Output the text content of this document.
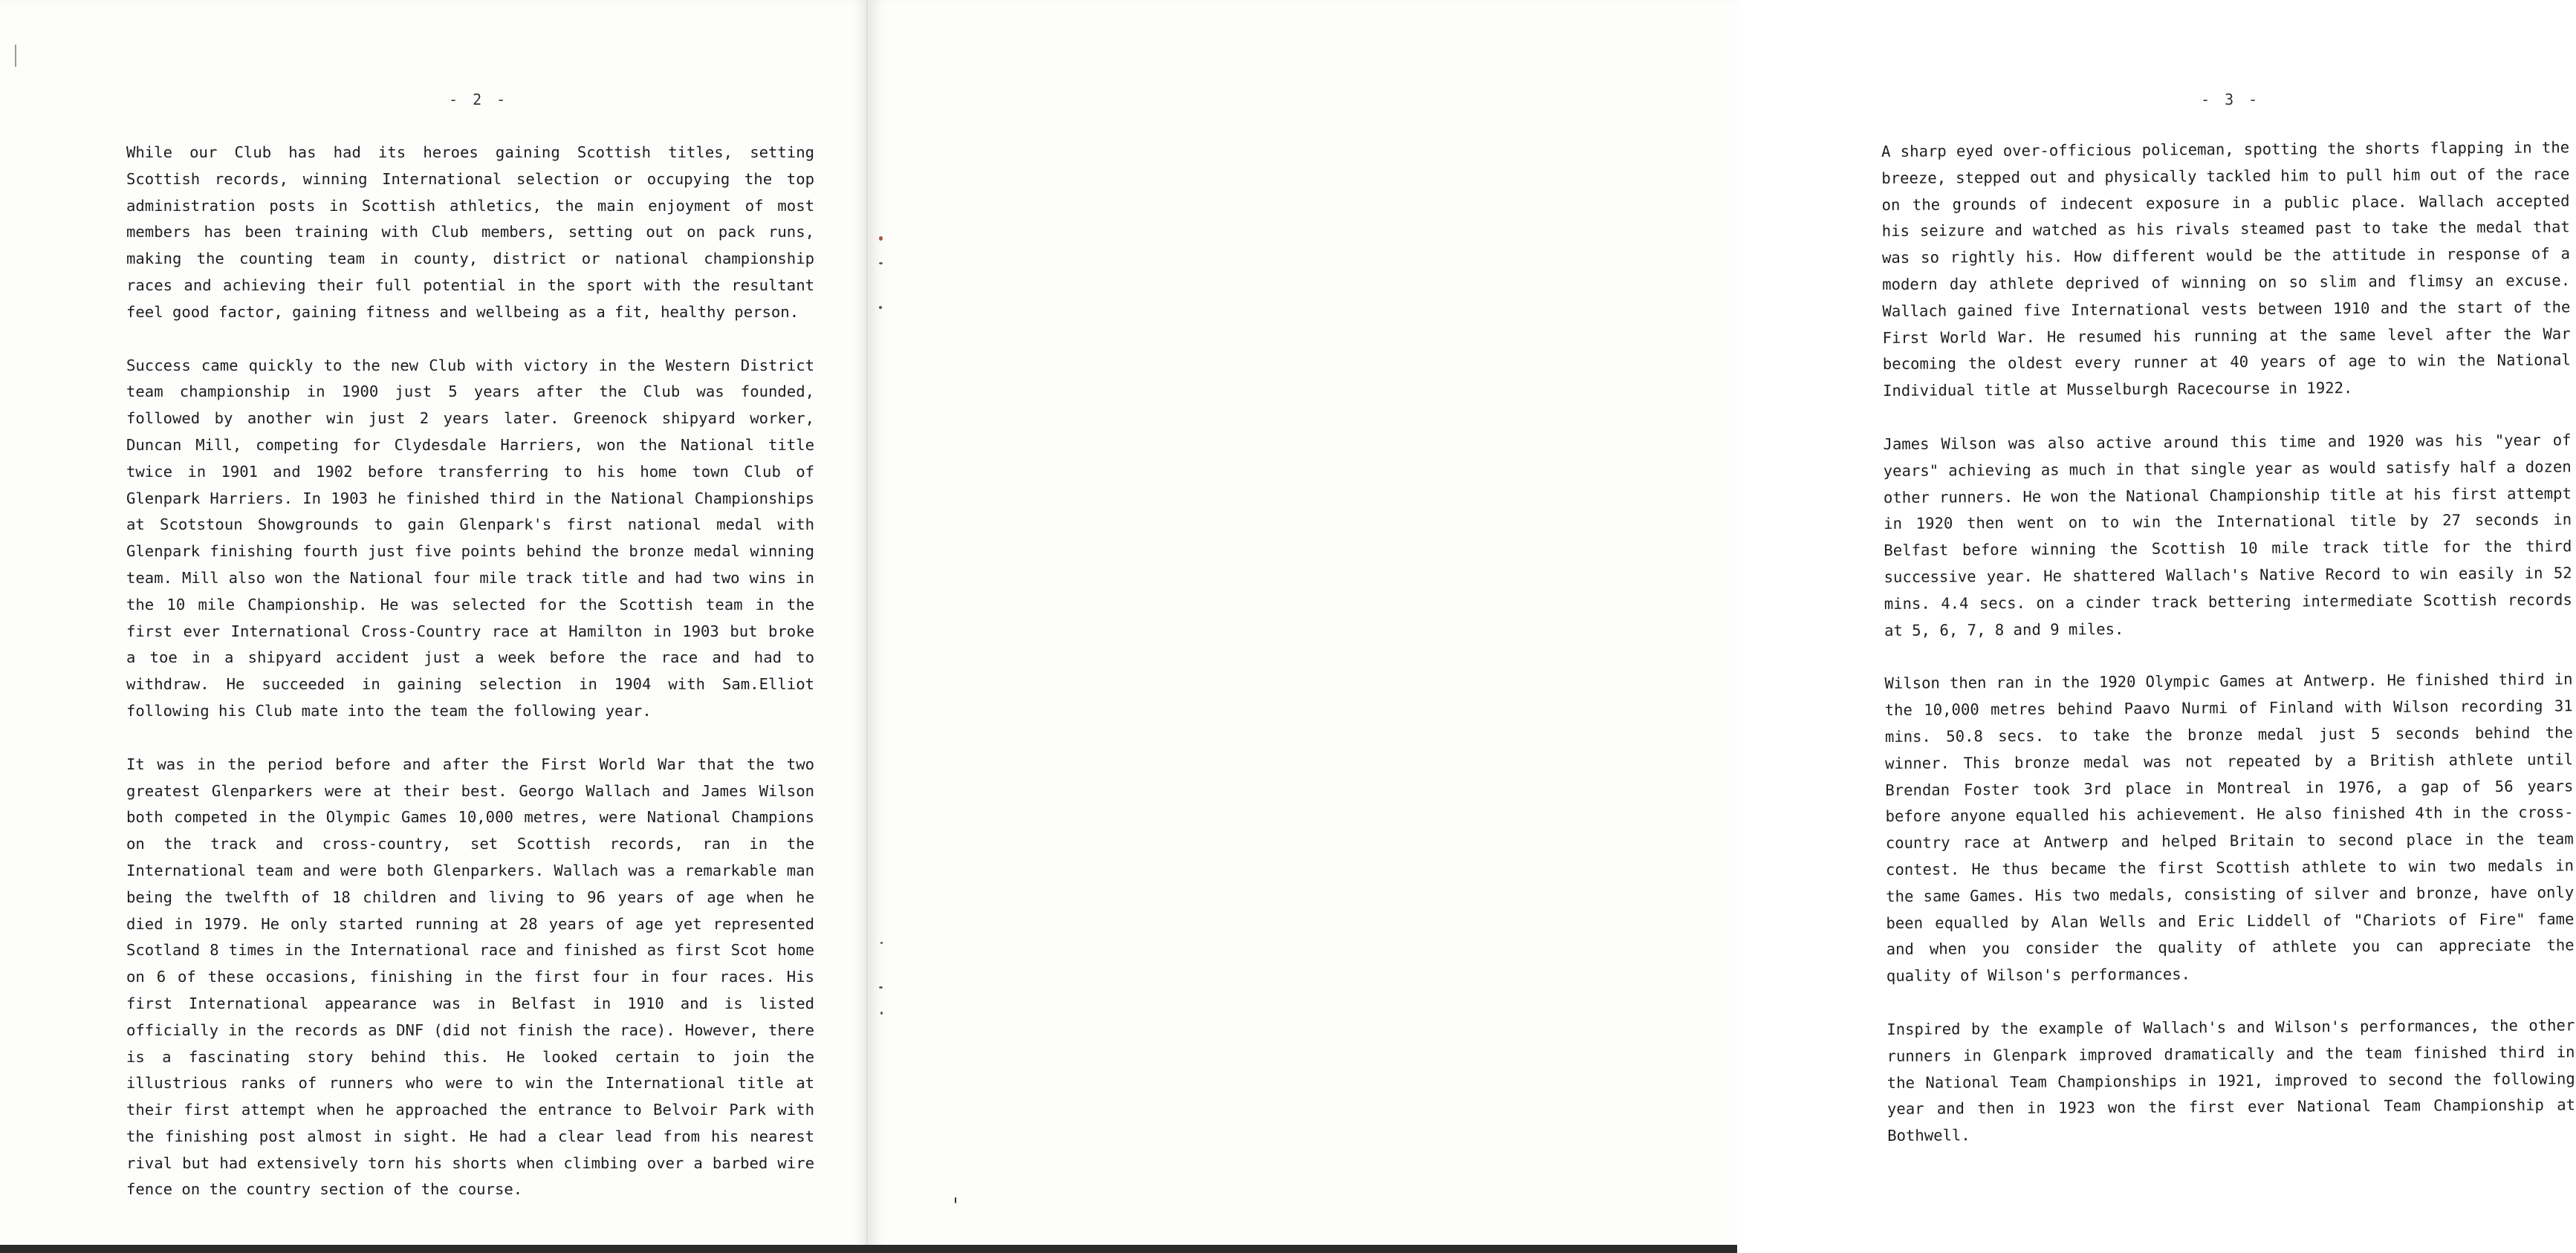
- 2 -

While our Club has had its heroes gaining Scottish titles, setting Scottish records, winning International selection or occupying the top administration posts in Scottish athletics, the main enjoyment of most members has been training with Club members, setting out on pack runs, making the counting team in county, district or national championship races and achieving their full potential in the sport with the resultant feel good factor, gaining fitness and wellbeing as a fit, healthy person.

Success came quickly to the new Club with victory in the Western District team championship in 1900 just 5 years after the Club was founded, followed by another win just 2 years later. Greenock shipyard worker, Duncan Mill, competing for Clydesdale Harriers, won the National title twice in 1901 and 1902 before transferring to his home town Club of Glenpark Harriers. In 1903 he finished third in the National Championships at Scotstoun Showgrounds to gain Glenpark's first national medal with Glenpark finishing fourth just five points behind the bronze medal winning team. Mill also won the National four mile track title and had two wins in the 10 mile Championship. He was selected for the Scottish team in the first ever International Cross-Country race at Hamilton in 1903 but broke a toe in a shipyard accident just a week before the race and had to withdraw. He succeeded in gaining selection in 1904 with Sam.Elliot following his Club mate into the team the following year.

It was in the period before and after the First World War that the two greatest Glenparkers were at their best. Georgo Wallach and James Wilson both competed in the Olympic Games 10,000 metres, were National Champions on the track and cross-country, set Scottish records, ran in the International team and were both Glenparkers. Wallach was a remarkable man being the twelfth of 18 children and living to 96 years of age when he died in 1979. He only started running at 28 years of age yet represented Scotland 8 times in the International race and finished as first Scot home on 6 of these occasions, finishing in the first four in four races. His first International appearance was in Belfast in 1910 and is listed officially in the records as DNF (did not finish the race). However, there is a fascinating story behind this. He looked certain to join the illustrious ranks of runners who were to win the International title at their first attempt when he approached the entrance to Belvoir Park with the finishing post almost in sight. He had a clear lead from his nearest rival but had extensively torn his shorts when climbing over a barbed wire fence on the country section of the course.

- 3 -

A sharp eyed over-officious policeman, spotting the shorts flapping in the breeze, stepped out and physically tackled him to pull him out of the race on the grounds of indecent exposure in a public place. Wallach accepted his seizure and watched as his rivals steamed past to take the medal that was so rightly his. How different would be the attitude in response of a modern day athlete deprived of winning on so slim and flimsy an excuse. Wallach gained five International vests between 1910 and the start of the First World War. He resumed his running at the same level after the War becoming the oldest every runner at 40 years of age to win the National Individual title at Musselburgh Racecourse in 1922.

James Wilson was also active around this time and 1920 was his "year of years" achieving as much in that single year as would satisfy half a dozen other runners. He won the National Championship title at his first attempt in 1920 then went on to win the International title by 27 seconds in Belfast before winning the Scottish 10 mile track title for the third successive year. He shattered Wallach's Native Record to win easily in 52 mins. 4.4 secs. on a cinder track bettering intermediate Scottish records at 5, 6, 7, 8 and 9 miles.

Wilson then ran in the 1920 Olympic Games at Antwerp. He finished third in the 10,000 metres behind Paavo Nurmi of Finland with Wilson recording 31 mins. 50.8 secs. to take the bronze medal just 5 seconds behind the winner. This bronze medal was not repeated by a British athlete until Brendan Foster took 3rd place in Montreal in 1976, a gap of 56 years before anyone equalled his achievement. He also finished 4th in the cross-country race at Antwerp and helped Britain to second place in the team contest. He thus became the first Scottish athlete to win two medals in the same Games. His two medals, consisting of silver and bronze, have only been equalled by Alan Wells and Eric Liddell of "Chariots of Fire" fame and when you consider the quality of athlete you can appreciate the quality of Wilson's performances.

Inspired by the example of Wallach's and Wilson's performances, the other runners in Glenpark improved dramatically and the team finished third in the National Team Championships in 1921, improved to second the following year and then in 1923 won the first ever National Team Championship at Bothwell.
